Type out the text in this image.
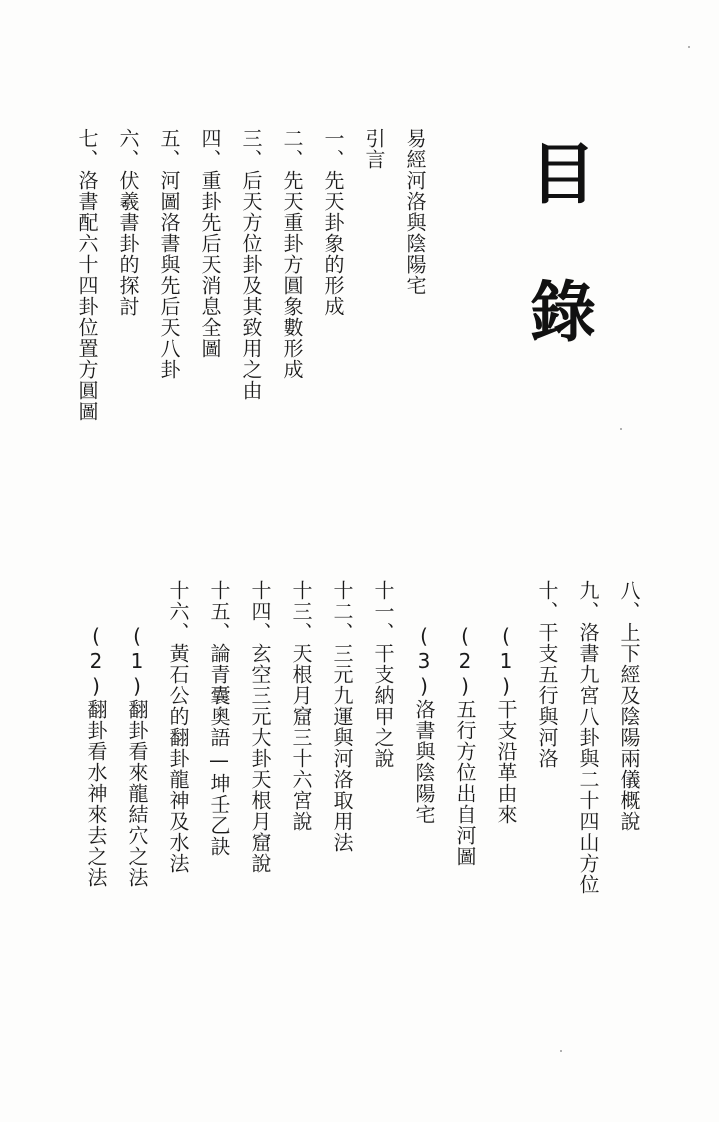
目
錄
易經河洛與陰陽宅
引言
一、先天卦象的形成
二、先天重卦方圓象數形成
三、后天方位卦及其致用之由
四、重卦先后天消息全圖
五、河圖洛書與先后天八卦
六、伏羲書卦的探討
七、洛書配六十四卦位置方圓圖
八、上下經及陰陽兩儀概說
九、洛書九宮八卦與二十四山方位
十、干支五行與河洛
(1)干支沿革由來
(2)五行方位出自河圖
(3)洛書與陰陽宅
十一、干支納甲之說
十二、三元九運與河洛取用法
十三、天根月窟三十六宮說
十四、玄空三元大卦天根月窟說
十五、論青囊奧語—坤壬乙訣
十六、黃石公的翻卦龍神及水法
(1)翻卦看來龍結穴之法
(2)翻卦看水神來去之法
